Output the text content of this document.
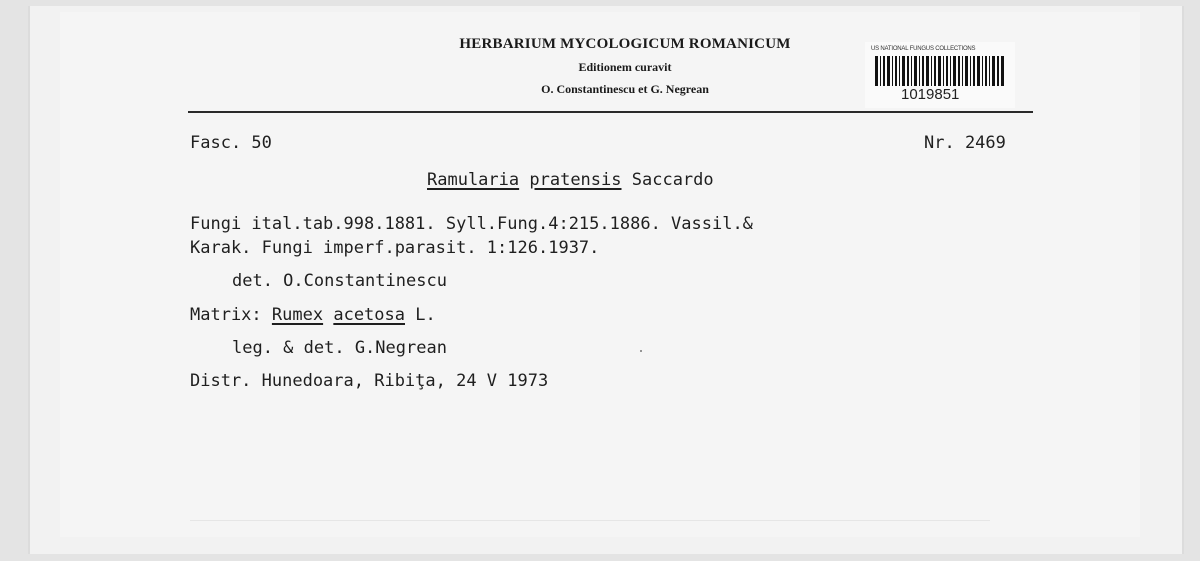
HERBARIUM MYCOLOGICUM ROMANICUM
Editionem curavit
O. Constantinescu et G. Negrean
US NATIONAL FUNGUS COLLECTIONS
1019851
Fasc. 50	Nr. 2469
Ramularia pratensis Saccardo
Fungi ital.tab.998.1881. Syll.Fung.4:215.1886. Vassil.&
Karak. Fungi imperf.parasit. 1:126.1937.
det. O.Constantinescu
Matrix: Rumex acetosa L.
leg. & det. G.Negrean
Distr. Hunedoara, Ribiţa, 24 V 1973
